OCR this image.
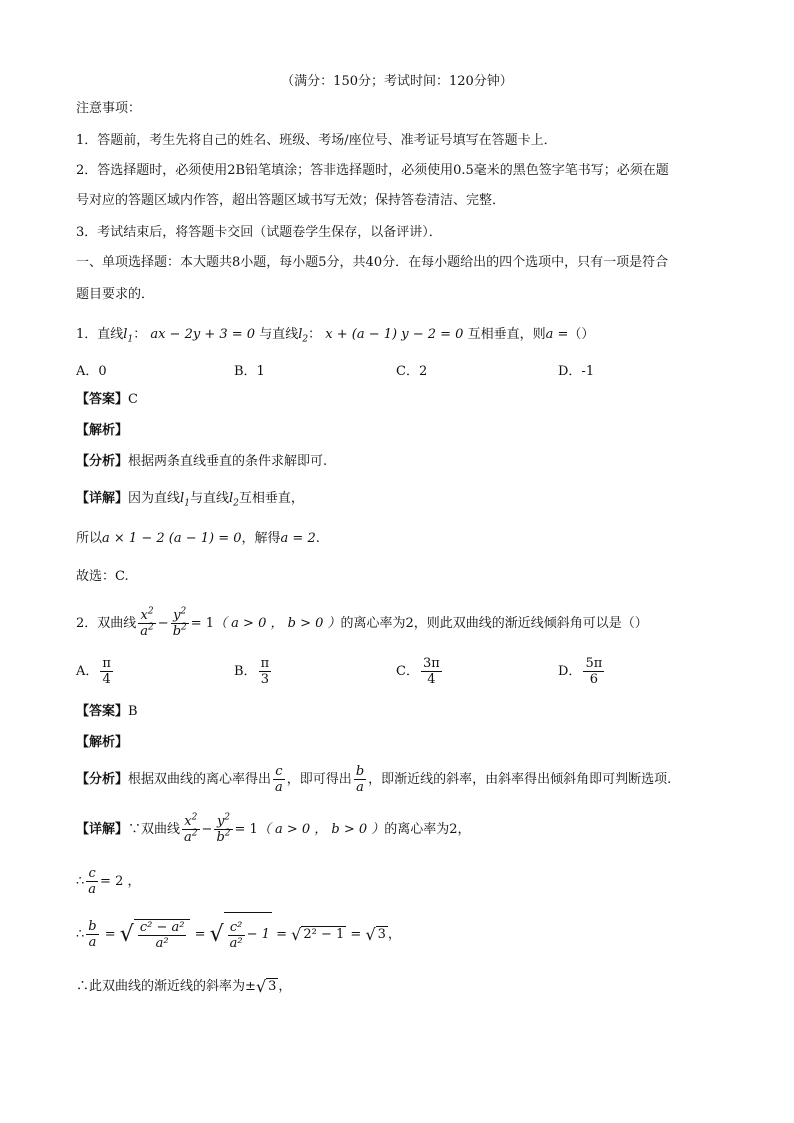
（满分：150分；考试时间：120分钟）
注意事项：
1．答题前，考生先将自己的姓名、班级、考场/座位号、准考证号填写在答题卡上．
2．答选择题时，必须使用2B铅笔填涂；答非选择题时，必须使用0.5毫米的黑色签字笔书写；必须在题
号对应的答题区域内作答，超出答题区域书写无效；保持答卷清洁、完整．
3．考试结束后，将答题卡交回（试题卷学生保存，以备评讲）．
一、单项选择题：本大题共8小题，每小题5分，共40分．在每小题给出的四个选项中，只有一项是符合
题目要求的．
1．直线$l_1$： ax − 2y + 3 = 0 与直线$l_2$： x + (a − 1) y − 2 = 0 互相垂直，则a =（）
A．0	B．1	C．2	D．-1
【答案】C
【解析】
【分析】根据两条直线垂直的条件求解即可.
【详解】因为直线$l_1$与直线$l_2$互相垂直，
所以a × 1 − 2 (a − 1) = 0，解得a = 2.
故选：C.
2．双曲线 $\frac{x^2}{a^2} - \frac{y^2}{b^2} = 1$（ a > 0 ， b > 0 ）的离心率为2，则此双曲线的渐近线倾斜角可以是（）
A． $\frac{\pi}{4}$	B． $\frac{\pi}{3}$	C． $\frac{3\pi}{4}$	D． $\frac{5\pi}{6}$
【答案】B
【解析】
【分析】根据双曲线的离心率得出 $\frac{c}{a}$ ，即可得出 $\frac{b}{a}$ ，即渐近线的斜率，由斜率得出倾斜角即可判断选项.
【详解】∵双曲线 $\frac{x^2}{a^2} - \frac{y^2}{b^2} = 1$（ a > 0 ， b > 0 ）的离心率为2，
∴ $\frac{c}{a} = 2$ ，
∴ $\frac{b}{a}$ = √ $\frac{\text{c² − a²}}{\text{a²}}$ = √ $\frac{\text{c²}}{\text{a²}} - 1$ = √ 2² − 1 = √ 3 ，
∴此双曲线的渐近线的斜率为± √ 3 ，
